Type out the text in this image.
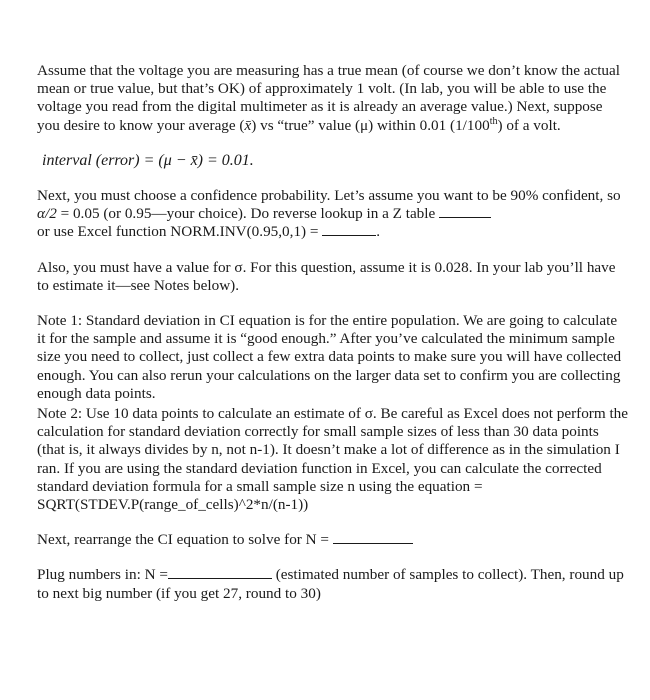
Assume that the voltage you are measuring has a true mean (of course we don’t know the actual mean or true value, but that’s OK) of approximately 1 volt. (In lab, you will be able to use the voltage you read from the digital multimeter as it is already an average value.) Next, suppose you desire to know your average (x̄) vs “true” value (μ) within 0.01 (1/100th) of a volt.

interval (error) = (μ − x̄) = 0.01.

Next, you must choose a confidence probability. Let’s assume you want to be 90% confident, so α/2 = 0.05 (or 0.95—your choice). Do reverse lookup in a Z table
or use Excel function NORM.INV(0.95,0,1) =	.

Also, you must have a value for σ. For this question, assume it is 0.028. In your lab you’ll have to estimate it—see Notes below).

Note 1: Standard deviation in CI equation is for the entire population. We are going to calculate it for the sample and assume it is “good enough.” After you’ve calculated the minimum sample size you need to collect, just collect a few extra data points to make sure you will have collected enough. You can also rerun your calculations on the larger data set to confirm you are collecting enough data points.

Note 2: Use 10 data points to calculate an estimate of σ. Be careful as Excel does not perform the calculation for standard deviation correctly for small sample sizes of less than 30 data points (that is, it always divides by n, not n-1). It doesn’t make a lot of difference as in the simulation I ran. If you are using the standard deviation function in Excel, you can calculate the corrected standard deviation formula for a small sample size n using the equation = SQRT(STDEV.P(range_of_cells)^2*n/(n-1))

Next, rearrange the CI equation to solve for N =

Plug numbers in: N =	(estimated number of samples to collect). Then, round up to next big number (if you get 27, round to 30)
